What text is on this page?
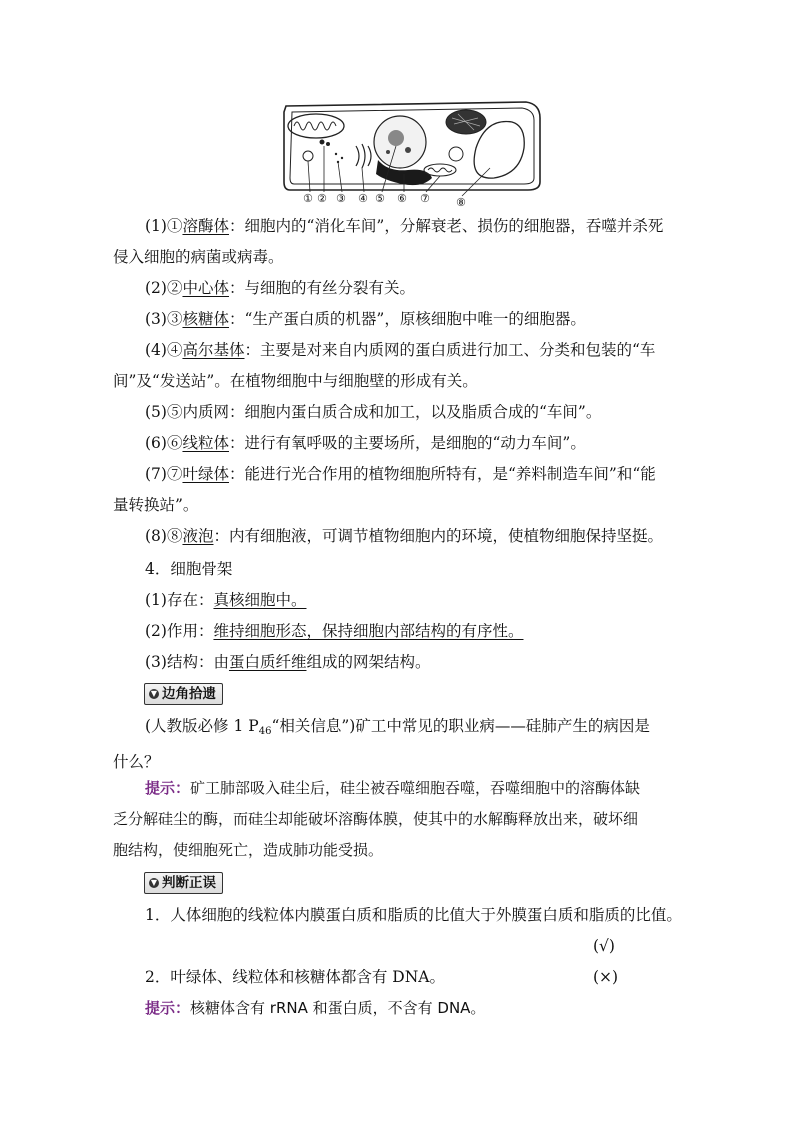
① ② ③ ④ ⑤ ⑥ ⑦ ⑧

(1)①溶酶体：细胞内的“消化车间”，分解衰老、损伤的细胞器，吞噬并杀死
侵入细胞的病菌或病毒。

(2)②中心体：与细胞的有丝分裂有关。

(3)③核糖体：“生产蛋白质的机器”，原核细胞中唯一的细胞器。

(4)④高尔基体：主要是对来自内质网的蛋白质进行加工、分类和包装的“车
间”及“发送站”。在植物细胞中与细胞壁的形成有关。

(5)⑤内质网：细胞内蛋白质合成和加工，以及脂质合成的“车间”。

(6)⑥线粒体：进行有氧呼吸的主要场所，是细胞的“动力车间”。

(7)⑦叶绿体：能进行光合作用的植物细胞所特有，是“养料制造车间”和“能
量转换站”。

(8)⑧液泡：内有细胞液，可调节植物细胞内的环境，使植物细胞保持坚挺。

4．细胞骨架

(1)存在：真核细胞中。

(2)作用：维持细胞形态，保持细胞内部结构的有序性。

(3)结构：由蛋白质纤维组成的网架结构。

▼ 边角拾遗

(人教版必修 1 $P_{46}“$相关信息”)矿工中常见的职业病——硅肺产生的病因是
什么？

提示：矿工肺部吸入硅尘后，硅尘被吞噬细胞吞噬，吞噬细胞中的溶酶体缺
乏分解硅尘的酶，而硅尘却能破坏溶酶体膜，使其中的水解酶释放出来，破坏细
胞结构，使细胞死亡，造成肺功能受损。

▼ 判断正误

1．人体细胞的线粒体内膜蛋白质和脂质的比值大于外膜蛋白质和脂质的比值。

(√)

2．叶绿体、线粒体和核糖体都含有 DNA。	(×)

提示：核糖体含有 rRNA 和蛋白质，不含有 DNA。
